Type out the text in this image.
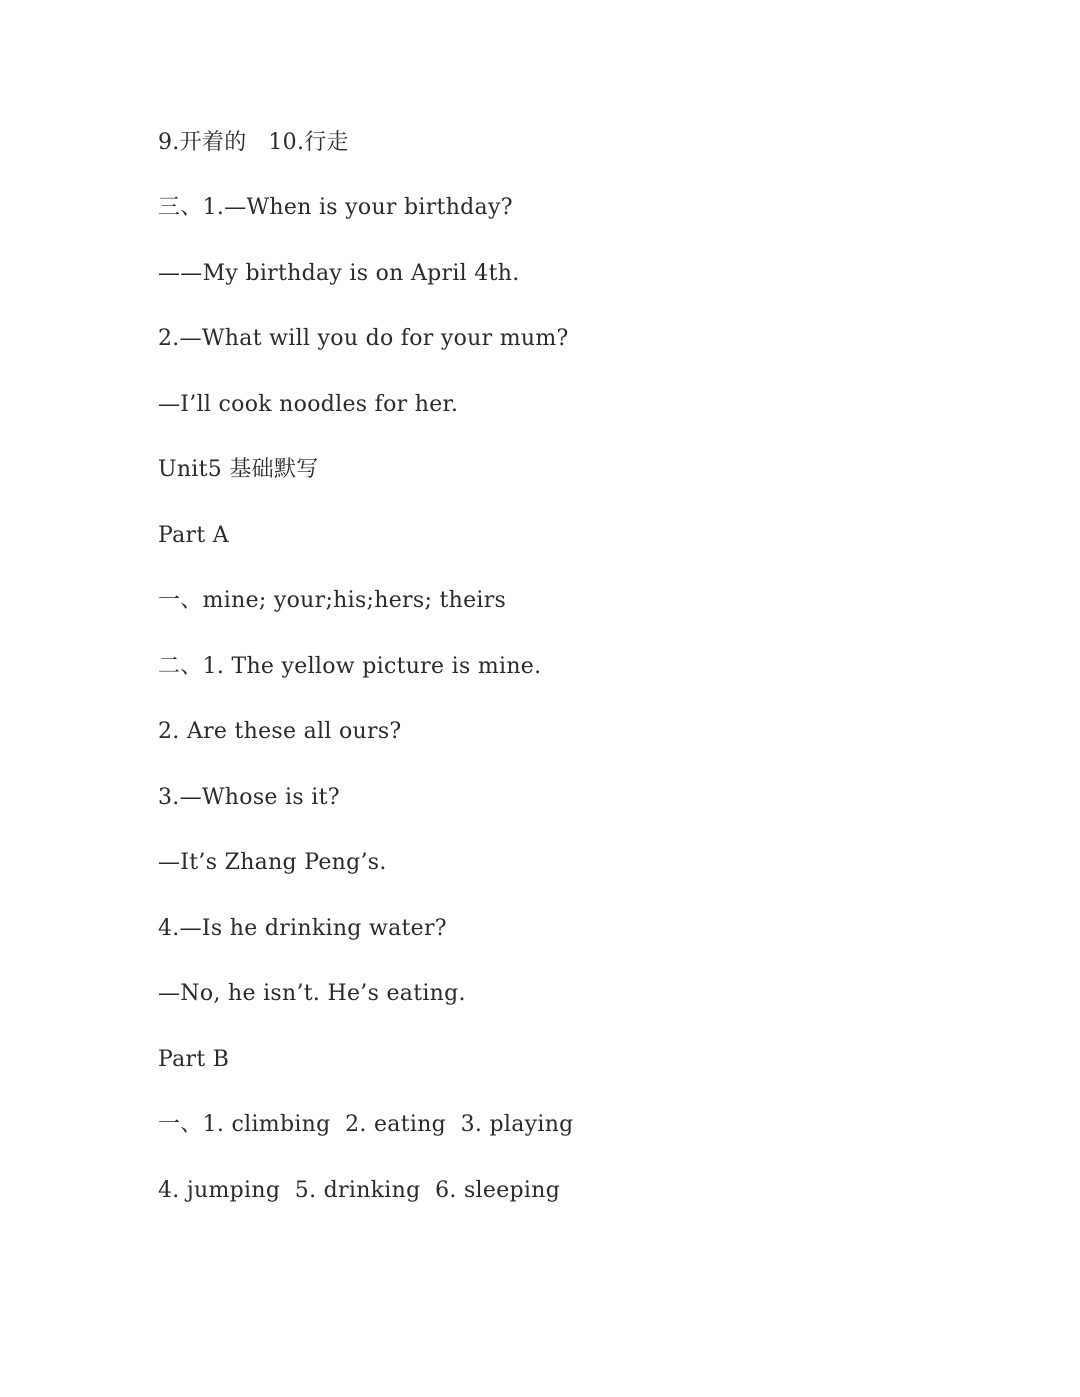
9.开着的   10.行走
三、1.—When is your birthday?
——My birthday is on April 4th.
2.—What will you do for your mum?
—I’ll cook noodles for her.
Unit5 基础默写
Part A
一、mine; your;his;hers; theirs
二、1. The yellow picture is mine.
2. Are these all ours?
3.—Whose is it?
—It’s Zhang Peng’s.
4.—Is he drinking water?
—No, he isn’t. He’s eating.
Part B
一、1. climbing  2. eating  3. playing
4. jumping  5. drinking  6. sleeping
